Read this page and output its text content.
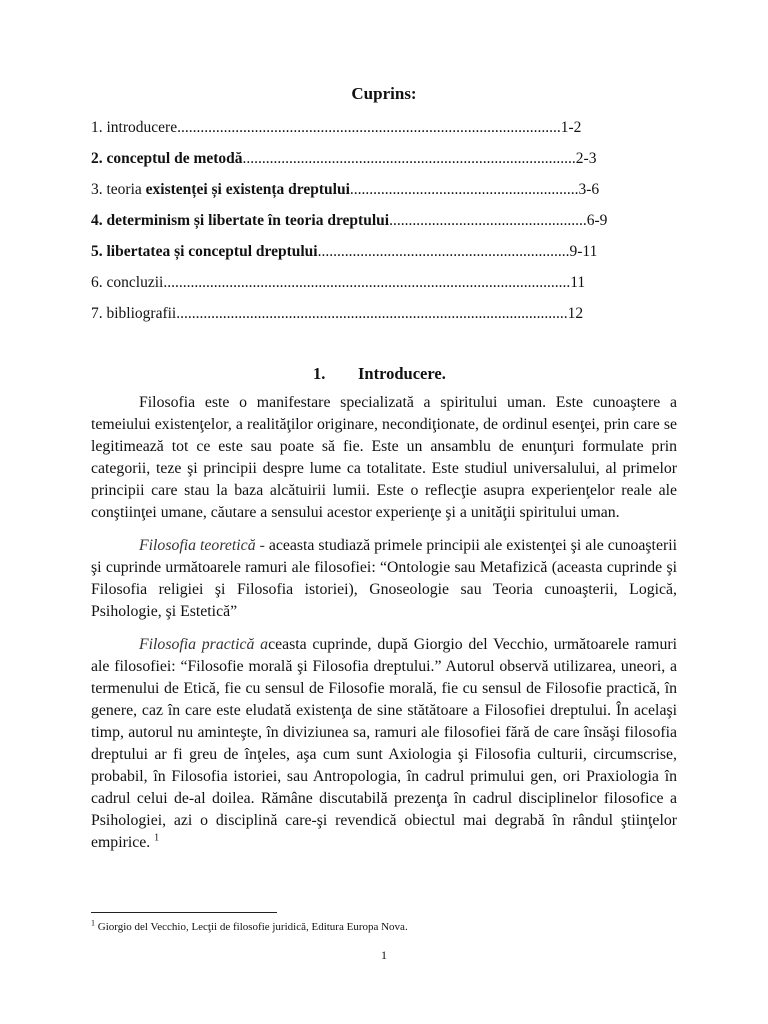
Cuprins:
1. introducere...................................................................................................1-2
2. conceptul de metodă......................................................................................2-3
3. teoria existenței și existența dreptului...........................................................3-6
4. determinism și libertate în teoria dreptului...................................................6-9
5. libertatea și conceptul dreptului.................................................................9-11
6. concluzii.........................................................................................................11
7. bibliografii.....................................................................................................12
1. Introducere.

Filosofia este o manifestare specializată a spiritului uman. Este cunoaştere a temeiului existenţelor, a realităţilor originare, necondiţionate, de ordinul esenţei, prin care se legitimează tot ce este sau poate să fie. Este un ansamblu de enunţuri formulate prin categorii, teze şi principii despre lume ca totalitate. Este studiul universalului, al primelor principii care stau la baza alcătuirii lumii. Este o reflecţie asupra experienţelor reale ale conştiinţei umane, căutare a sensului acestor experienţe şi a unităţii spiritului uman.

Filosofia teoretică - aceasta studiază primele principii ale existenţei şi ale cunoaşterii şi cuprinde următoarele ramuri ale filosofiei: “Ontologie sau Metafizică (aceasta cuprinde şi Filosofia religiei şi Filosofia istoriei), Gnoseologie sau Teoria cunoaşterii, Logică, Psihologie, şi Estetică”

Filosofia practică aceasta cuprinde, după Giorgio del Vecchio, următoarele ramuri ale filosofiei: “Filosofie morală şi Filosofia dreptului.” Autorul observă utilizarea, uneori, a termenului de Etică, fie cu sensul de Filosofie morală, fie cu sensul de Filosofie practică, în genere, caz în care este eludată existenţa de sine stătătoare a Filosofiei dreptului. În acelaşi timp, autorul nu aminteşte, în diviziunea sa, ramuri ale filosofiei fără de care însăşi filosofia dreptului ar fi greu de înţeles, aşa cum sunt Axiologia şi Filosofia culturii, circumscrise, probabil, în Filosofia istoriei, sau Antropologia, în cadrul primului gen, ori Praxiologia în cadrul celui de-al doilea. Rămâne discutabilă prezenţa în cadrul disciplinelor filosofice a Psihologiei, azi o disciplină care-şi revendică obiectul mai degrabă în rândul ştiinţelor empirice. $^1$

$^1$ Giorgio del Vecchio, Lecţii de filosofie juridică, Editura Europa Nova.
1
